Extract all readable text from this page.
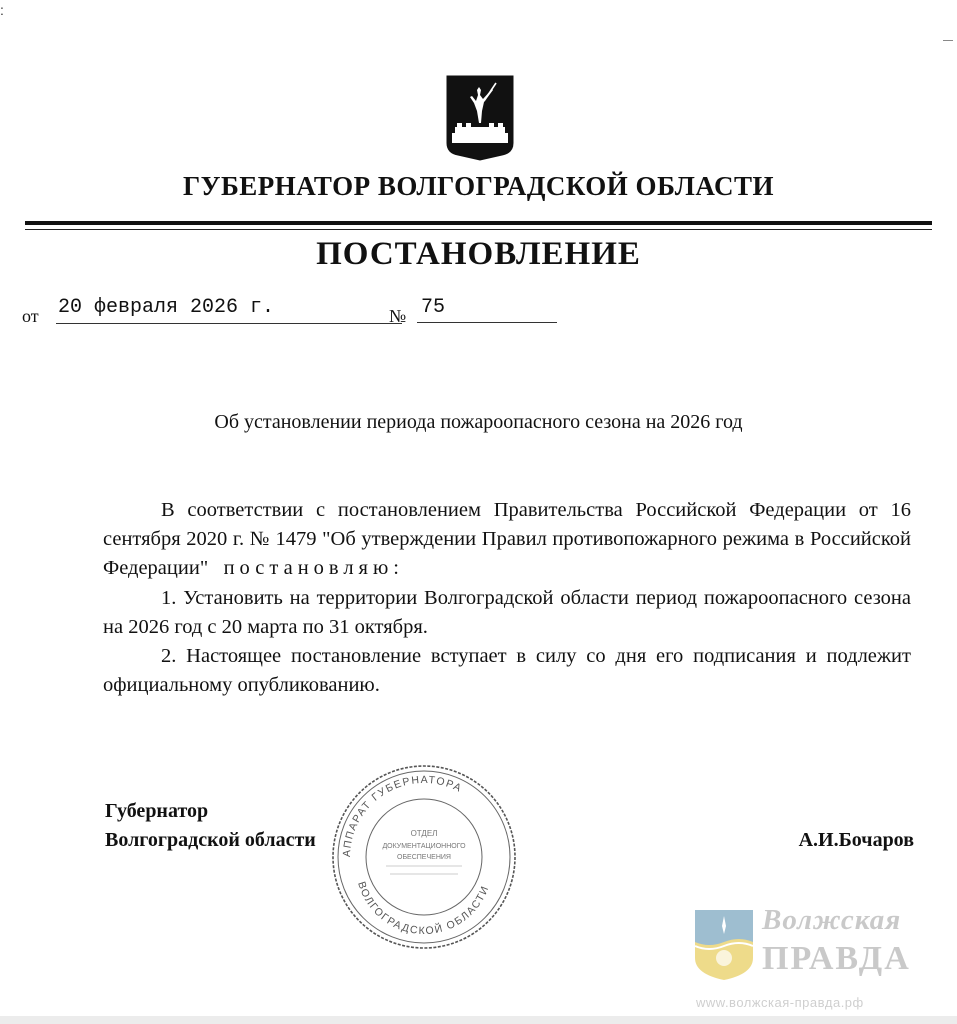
:
ГУБЕРНАТОР ВОЛГОГРАДСКОЙ ОБЛАСТИ
ПОСТАНОВЛЕНИЕ
от 20 февраля 2026 г.	№ 75
Об установлении периода пожароопасного сезона на 2026 год

В соответствии с постановлением Правительства Российской Федерации от 16 сентября 2020 г. № 1479 "Об утверждении Правил противопожарного режима в Российской Федерации" постановляю:

1. Установить на территории Волгоградской области период пожароопасного сезона на 2026 год с 20 марта по 31 октября.

2. Настоящее постановление вступает в силу со дня его подписания и подлежит официальному опубликованию.

Губернатор
Волгоградской области	А.И.Бочаров
АППАРАТ ГУБЕРНАТОРА
ВОЛГОГРАДСКОЙ ОБЛАСТИ
ОТДЕЛ
ДОКУМЕНТАЦИОННОГО
ОБЕСПЕЧЕНИЯ
Волжская
ПРАВДА
www.волжская-правда.рф
